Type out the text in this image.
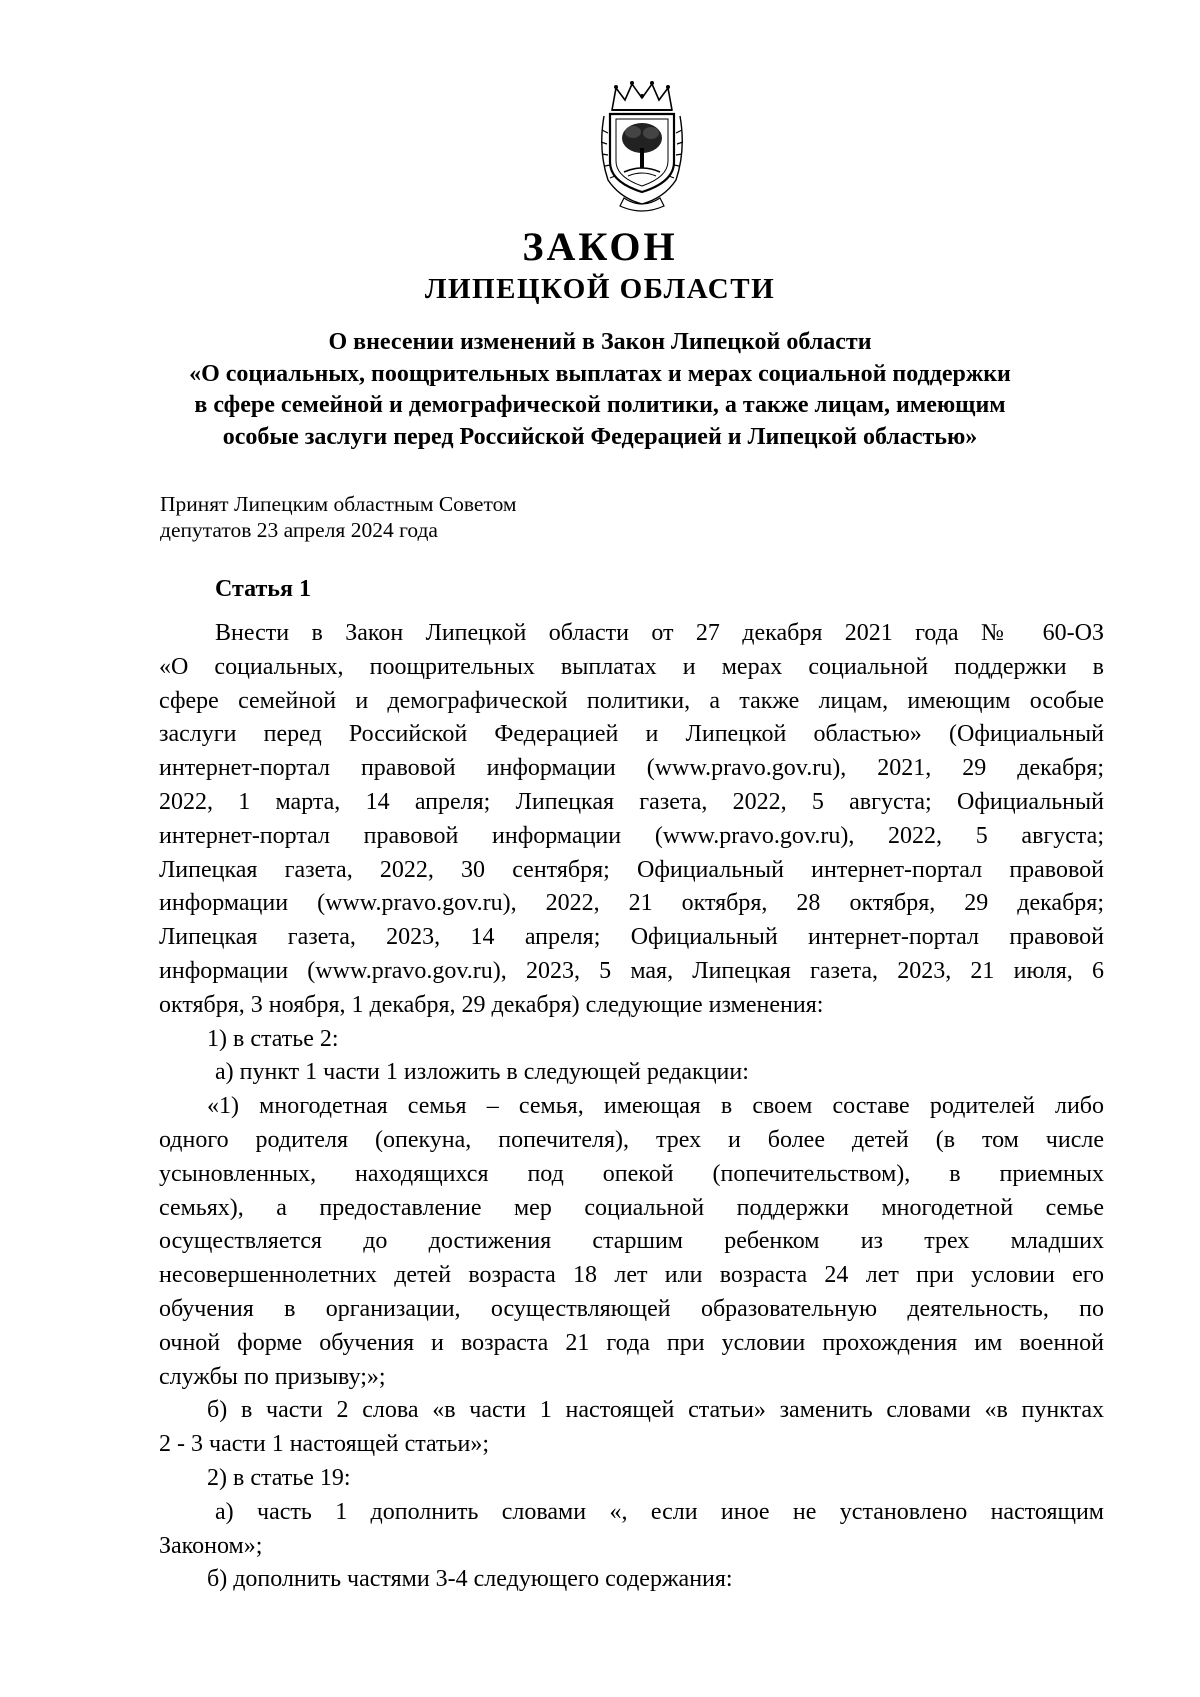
ЗАКОН
ЛИПЕЦКОЙ ОБЛАСТИ
О внесении изменений в Закон Липецкой области
«О социальных, поощрительных выплатах и мерах социальной поддержки
в сфере семейной и демографической политики, а также лицам, имеющим
особые заслуги перед Российской Федерацией и Липецкой областью»
Принят Липецким областным Советом
депутатов 23 апреля 2024 года
Статья 1
Внести в Закон Липецкой области от 27 декабря 2021 года № 60-ОЗ
«О социальных, поощрительных выплатах и мерах социальной поддержки в
сфере семейной и демографической политики, а также лицам, имеющим особые
заслуги перед Российской Федерацией и Липецкой областью» (Официальный
интернет-портал правовой информации (www.pravo.gov.ru), 2021, 29 декабря;
2022, 1 марта, 14 апреля; Липецкая газета, 2022, 5 августа; Официальный
интернет-портал правовой информации (www.pravo.gov.ru), 2022, 5 августа;
Липецкая газета, 2022, 30 сентября; Официальный интернет-портал правовой
информации (www.pravo.gov.ru), 2022, 21 октября, 28 октября, 29 декабря;
Липецкая газета, 2023, 14 апреля; Официальный интернет-портал правовой
информации (www.pravo.gov.ru), 2023, 5 мая, Липецкая газета, 2023, 21 июля, 6
октября, 3 ноября, 1 декабря, 29 декабря) следующие изменения:
1) в статье 2:
а) пункт 1 части 1 изложить в следующей редакции:
«1) многодетная семья – семья, имеющая в своем составе родителей либо
одного родителя (опекуна, попечителя), трех и более детей (в том числе
усыновленных, находящихся под опекой (попечительством), в приемных
семьях), а предоставление мер социальной поддержки многодетной семье
осуществляется до достижения старшим ребенком из трех младших
несовершеннолетних детей возраста 18 лет или возраста 24 лет при условии его
обучения в организации, осуществляющей образовательную деятельность, по
очной форме обучения и возраста 21 года при условии прохождения им военной
службы по призыву;»;
б) в части 2 слова «в части 1 настоящей статьи» заменить словами «в пунктах
2 - 3 части 1 настоящей статьи»;
2) в статье 19:
а) часть 1 дополнить словами «, если иное не установлено настоящим
Законом»;
б) дополнить частями 3-4 следующего содержания:
